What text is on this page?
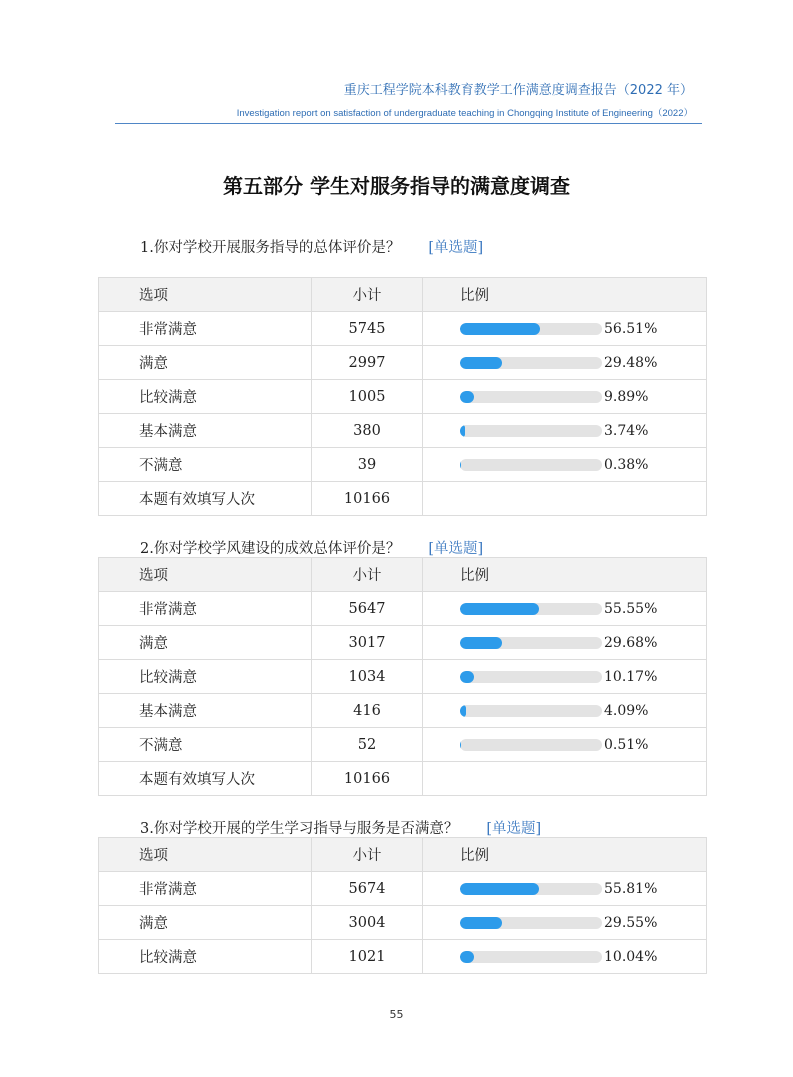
重庆工程学院本科教育教学工作满意度调查报告（2022 年）
Investigation report on satisfaction of undergraduate teaching in Chongqing Institute of Engineering（2022）
第五部分 学生对服务指导的满意度调查
1.你对学校开展服务指导的总体评价是？ [单选题]
选项	小计	比例
非常满意	5745	56.51%

满意	2997	29.48%

比较满意	1005	9.89%

基本满意	380	3.74%

不满意	39	0.38%

本题有效填写人次	10166	
2.你对学校学风建设的成效总体评价是？ [单选题]
选项	小计	比例
非常满意	5647	55.55%

满意	3017	29.68%

比较满意	1034	10.17%

基本满意	416	4.09%

不满意	52	0.51%

本题有效填写人次	10166	
3.你对学校开展的学生学习指导与服务是否满意？ [单选题]
选项	小计	比例
非常满意	5674	55.81%

满意	3004	29.55%

比较满意	1021	10.04%
55
